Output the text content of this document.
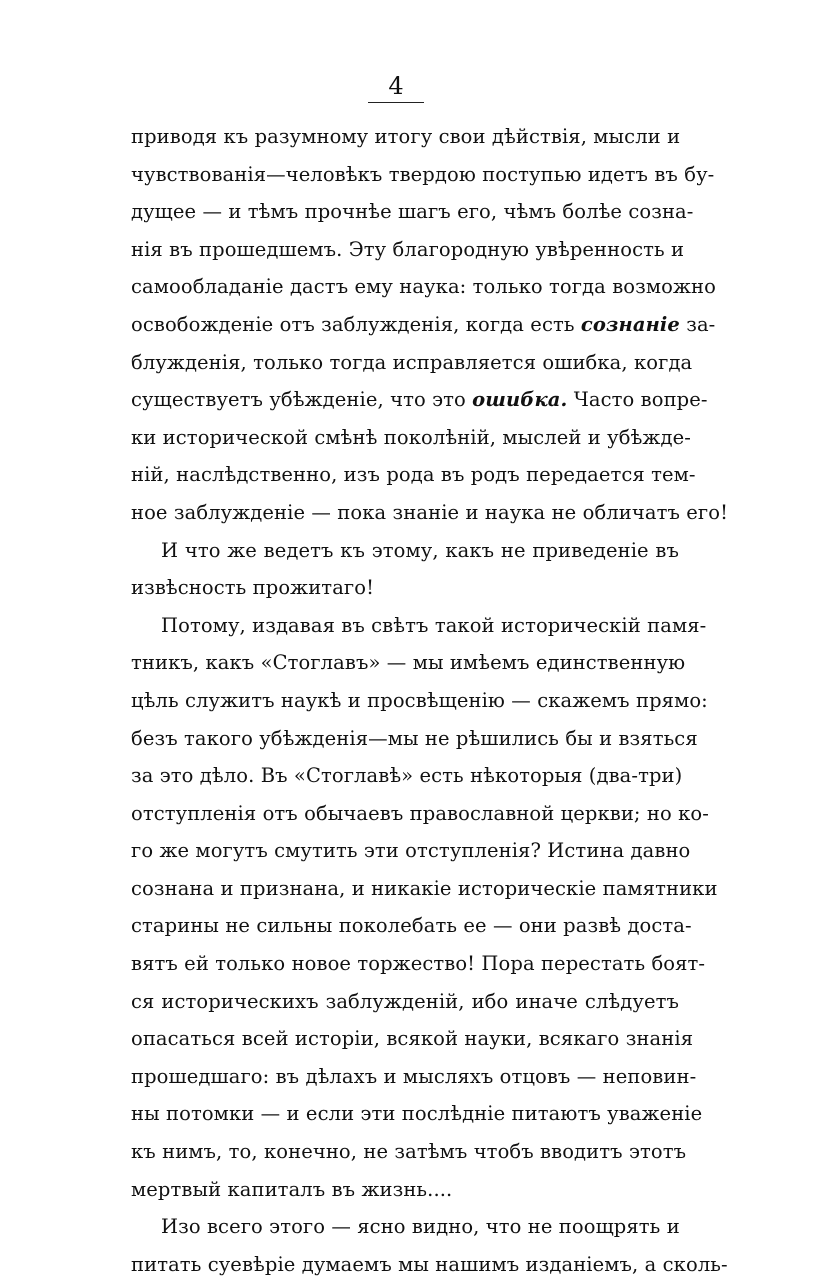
4
приводя къ разумному итогу свои дѣйствія, мысли и
чувствованія—человѣкъ твердою поступью идетъ въ бу-
дущее — и тѣмъ прочнѣе шагъ его, чѣмъ болѣе созна-
нія въ прошедшемъ. Эту благородную увѣренность и
самообладаніе дастъ ему наука: только тогда возможно
освобожденіе отъ заблужденія, когда есть сознаніе за-
блужденія, только тогда исправляется ошибка, когда
существуетъ убѣжденіе, что это ошибка. Часто вопре-
ки исторической смѣнѣ поколѣній, мыслей и убѣжде-
ній, наслѣдственно, изъ рода въ родъ передается тем-
ное заблужденіе — пока знаніе и наука не обличатъ его!
И что же ведетъ къ этому, какъ не приведеніе въ
извѣсность прожитаго!
Потому, издавая въ свѣтъ такой историческій памя-
тникъ, какъ «Стоглавъ» — мы имѣемъ единственную
цѣль служитъ наукѣ и просвѣщенію — скажемъ прямо:
безъ такого убѣжденія—мы не рѣшились бы и взяться
за это дѣло. Въ «Стоглавѣ» есть нѣкоторыя (два-три)
отступленія отъ обычаевъ православной церкви; но ко-
го же могутъ смутить эти отступленія? Истина давно
сознана и признана, и никакіе историческіе памятники
старины не сильны поколебать ее — они развѣ доста-
вятъ ей только новое торжество! Пора перестать боят-
ся историческихъ заблужденій, ибо иначе слѣдуетъ
опасаться всей исторіи, всякой науки, всякаго знанія
прошедшаго: въ дѣлахъ и мысляхъ отцовъ — неповин-
ны потомки — и если эти послѣдніе питаютъ уваженіе
къ нимъ, то, конечно, не затѣмъ чтобъ вводитъ этотъ
мертвый капиталъ въ жизнь....
Изо всего этого — ясно видно, что не поощрять и
питать суевѣріе думаемъ мы нашимъ изданіемъ, а сколь-
